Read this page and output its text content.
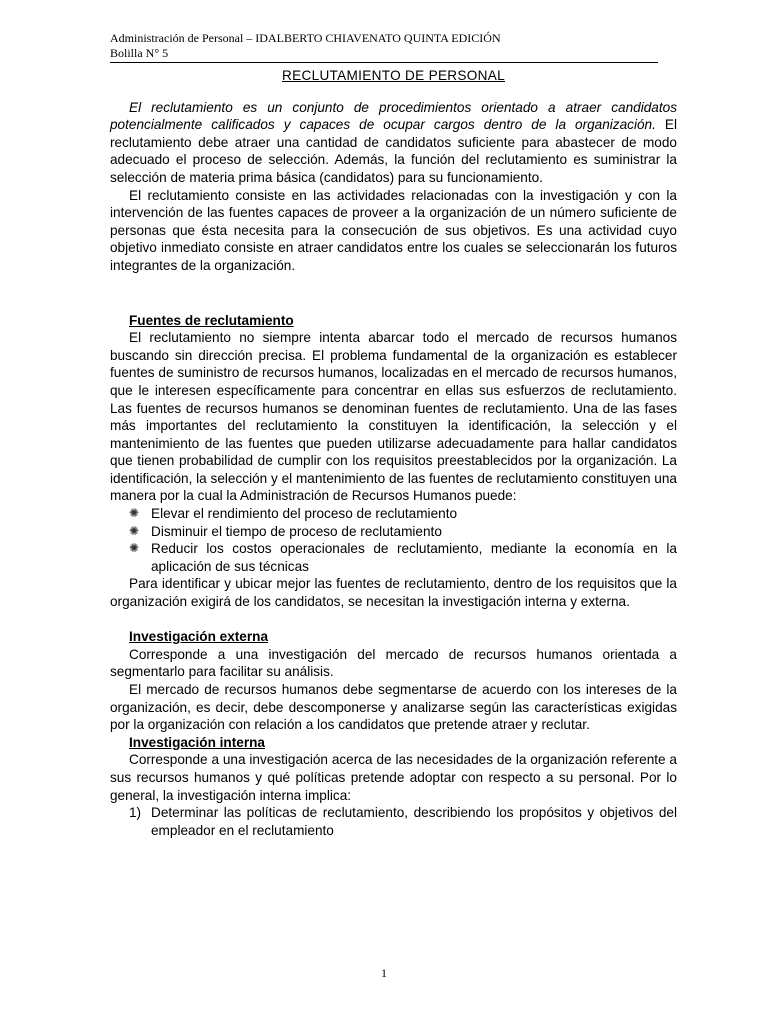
Administración de Personal – IDALBERTO CHIAVENATO QUINTA EDICIÓN
Bolilla N° 5
RECLUTAMIENTO DE PERSONAL

El reclutamiento es un conjunto de procedimientos orientado a atraer candidatos potencialmente calificados y capaces de ocupar cargos dentro de la organización. El reclutamiento debe atraer una cantidad de candidatos suficiente para abastecer de modo adecuado el proceso de selección. Además, la función del reclutamiento es suministrar la selección de materia prima básica (candidatos) para su funcionamiento.

El reclutamiento consiste en las actividades relacionadas con la investigación y con la intervención de las fuentes capaces de proveer a la organización de un número suficiente de personas que ésta necesita para la consecución de sus objetivos. Es una actividad cuyo objetivo inmediato consiste en atraer candidatos entre los cuales se seleccionarán los futuros integrantes de la organización.

Fuentes de reclutamiento

El reclutamiento no siempre intenta abarcar todo el mercado de recursos humanos buscando sin dirección precisa. El problema fundamental de la organización es establecer fuentes de suministro de recursos humanos, localizadas en el mercado de recursos humanos, que le interesen específicamente para concentrar en ellas sus esfuerzos de reclutamiento. Las fuentes de recursos humanos se denominan fuentes de reclutamiento. Una de las fases más importantes del reclutamiento la constituyen la identificación, la selección y el mantenimiento de las fuentes que pueden utilizarse adecuadamente para hallar candidatos que tienen probabilidad de cumplir con los requisitos preestablecidos por la organización. La identificación, la selección y el mantenimiento de las fuentes de reclutamiento constituyen una manera por la cual la Administración de Recursos Humanos puede:

✺ Elevar el rendimiento del proceso de reclutamiento
✺ Disminuir el tiempo de proceso de reclutamiento
✺ Reducir los costos operacionales de reclutamiento, mediante la economía en la aplicación de sus técnicas

Para identificar y ubicar mejor las fuentes de reclutamiento, dentro de los requisitos que la organización exigirá de los candidatos, se necesitan la investigación interna y externa.

Investigación externa

Corresponde a una investigación del mercado de recursos humanos orientada a segmentarlo para facilitar su análisis.

El mercado de recursos humanos debe segmentarse de acuerdo con los intereses de la organización, es decir, debe descomponerse y analizarse según las características exigidas por la organización con relación a los candidatos que pretende atraer y reclutar.

Investigación interna

Corresponde a una investigación acerca de las necesidades de la organización referente a sus recursos humanos y qué políticas pretende adoptar con respecto a su personal. Por lo general, la investigación interna implica:

1) Determinar las políticas de reclutamiento, describiendo los propósitos y objetivos del empleador en el reclutamiento
1
